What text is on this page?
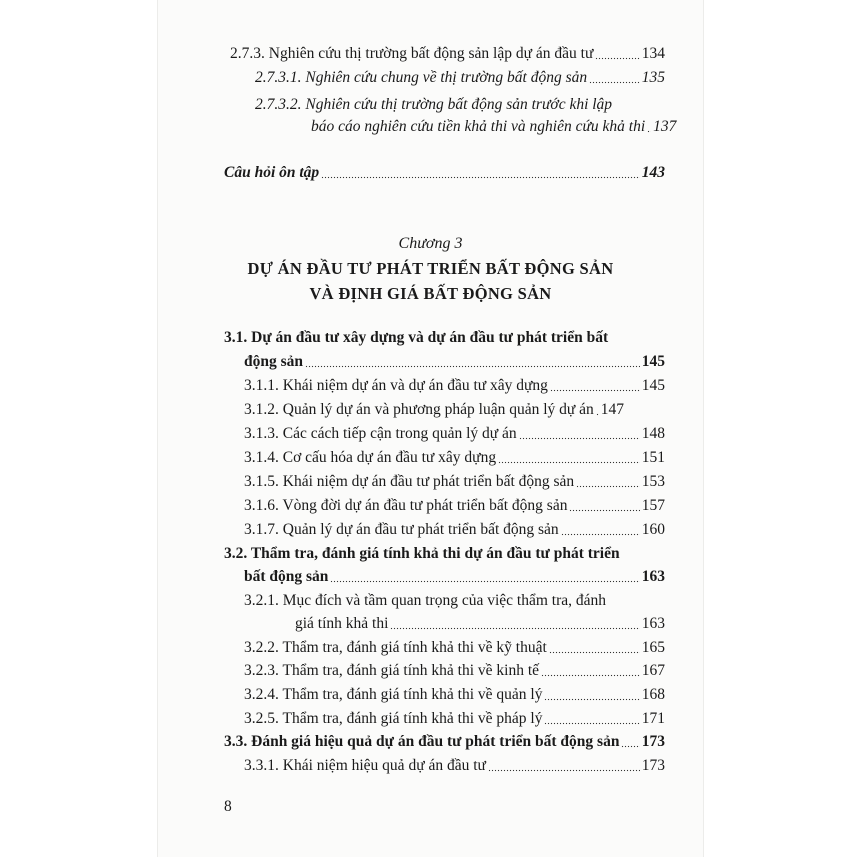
2.7.3. Nghiên cứu thị trường bất động sản lập dự án đầu tư	134
2.7.3.1. Nghiên cứu chung về thị trường bất động sản	135
2.7.3.2. Nghiên cứu thị trường bất động sản trước khi lập
báo cáo nghiên cứu tiền khả thi và nghiên cứu khả thi 137
Câu hỏi ôn tập	143
Chương 3
DỰ ÁN ĐẦU TƯ PHÁT TRIỂN BẤT ĐỘNG SẢN
VÀ ĐỊNH GIÁ BẤT ĐỘNG SẢN
3.1. Dự án đầu tư xây dựng và dự án đầu tư phát triển bất
động sản	145
3.1.1. Khái niệm dự án và dự án đầu tư xây dựng	145
3.1.2. Quản lý dự án và phương pháp luận quản lý dự án 147
3.1.3. Các cách tiếp cận trong quản lý dự án	148
3.1.4. Cơ cấu hóa dự án đầu tư xây dựng	151
3.1.5. Khái niệm dự án đầu tư phát triển bất động sản	153
3.1.6. Vòng đời dự án đầu tư phát triển bất động sản	157
3.1.7. Quản lý dự án đầu tư phát triển bất động sản	160
3.2. Thẩm tra, đánh giá tính khả thi dự án đầu tư phát triển
bất động sản	163
3.2.1. Mục đích và tầm quan trọng của việc thẩm tra, đánh
giá tính khả thi	163
3.2.2. Thẩm tra, đánh giá tính khả thi về kỹ thuật	165
3.2.3. Thẩm tra, đánh giá tính khả thi về kinh tế	167
3.2.4. Thẩm tra, đánh giá tính khả thi về quản lý	168
3.2.5. Thẩm tra, đánh giá tính khả thi về pháp lý	171
3.3. Đánh giá hiệu quả dự án đầu tư phát triển bất động sản 173
3.3.1. Khái niệm hiệu quả dự án đầu tư	173
8
